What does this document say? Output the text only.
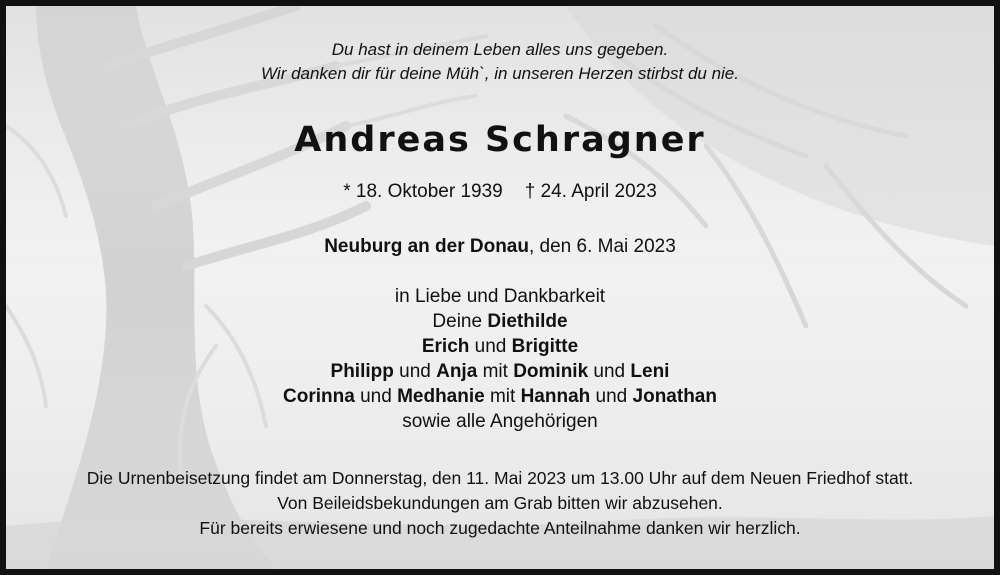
Du hast in deinem Leben alles uns gegeben.
Wir danken dir für deine Müh`, in unseren Herzen stirbst du nie.
Andreas Schragner
* 18. Oktober 1939 † 24. April 2023
Neuburg an der Donau, den 6. Mai 2023
in Liebe und Dankbarkeit
Deine Diethilde
Erich und Brigitte
Philipp und Anja mit Dominik und Leni
Corinna und Medhanie mit Hannah und Jonathan
sowie alle Angehörigen
Die Urnenbeisetzung findet am Donnerstag, den 11. Mai 2023 um 13.00 Uhr auf dem Neuen Friedhof statt.
Von Beileidsbekundungen am Grab bitten wir abzusehen.
Für bereits erwiesene und noch zugedachte Anteilnahme danken wir herzlich.
